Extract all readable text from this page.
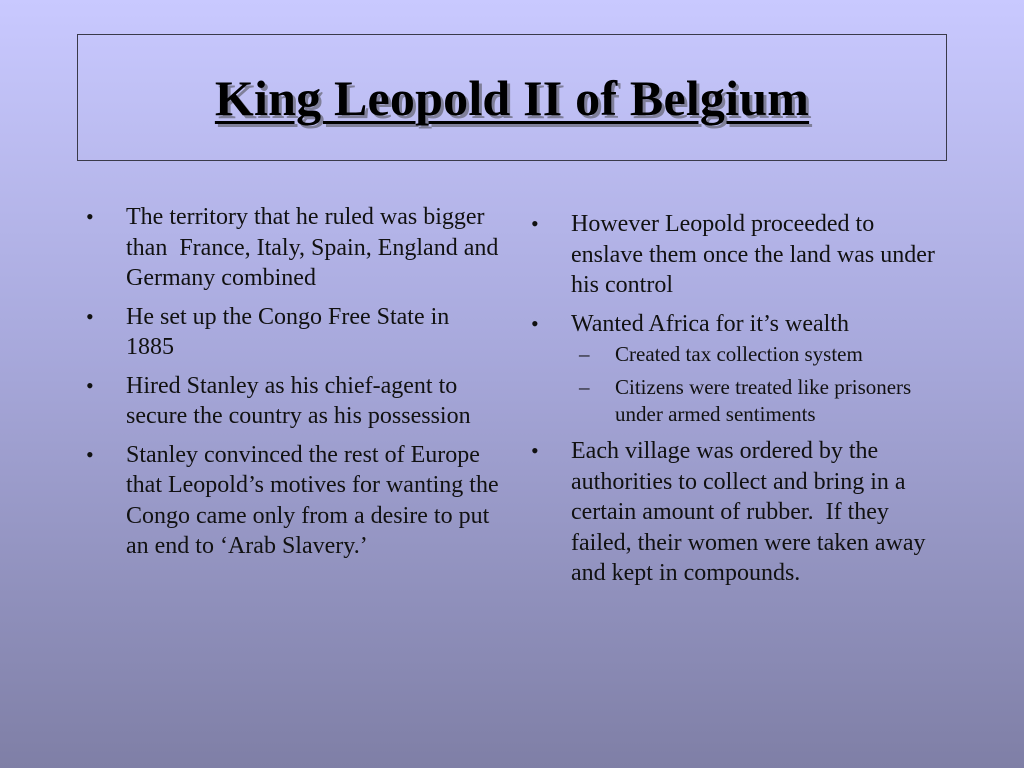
King Leopold II of Belgium
• The territory that he ruled was bigger than  France, Italy, Spain, England and Germany combined
• He set up the Congo Free State in 1885
• Hired Stanley as his chief-agent to secure the country as his possession
• Stanley convinced the rest of Europe that Leopold’s motives for wanting the Congo came only from a desire to put an end to ‘Arab Slavery.’
• However Leopold proceeded to enslave them once the land was under his control
• Wanted Africa for it’s wealth
– Created tax collection system
– Citizens were treated like prisoners under armed sentiments
• Each village was ordered by the authorities to collect and bring in a certain amount of rubber.  If they failed, their women were taken away and kept in compounds.
